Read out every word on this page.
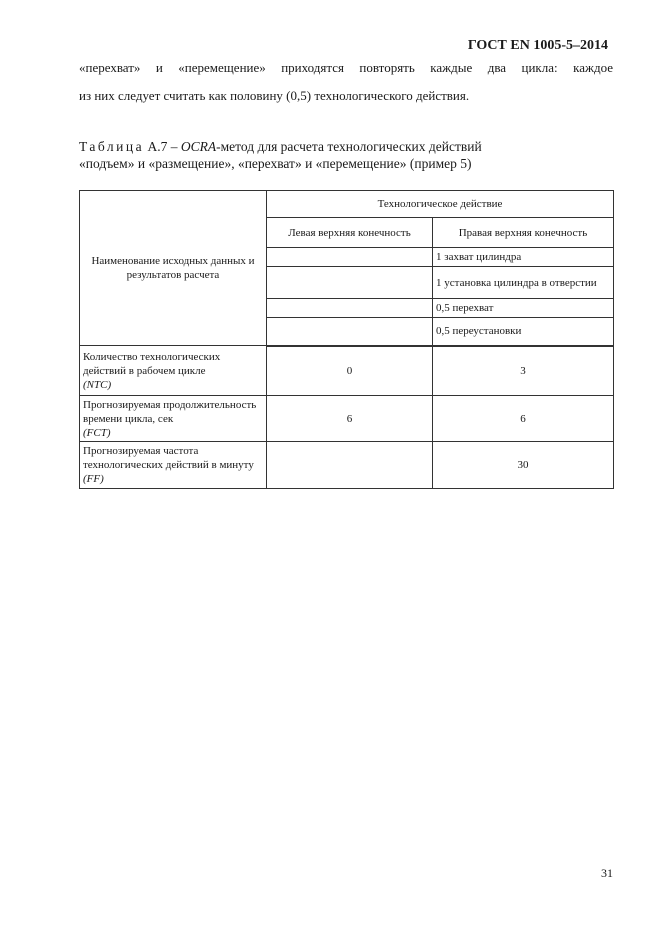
ГОСТ EN 1005-5–2014
«перехват» и «перемещение» приходятся повторять каждые два цикла: каждое
из них следует считать как половину (0,5) технологического действия.
Таблица А.7 – OCRA-метод для расчета технологических действий
«подъем» и «размещение», «перехват» и «перемещение» (пример 5)
Наименование исходных данных и результатов расчета	Технологическое действие	
	Левая верхняя конечность	Правая верхняя конечность
		1 захват цилиндра
		1 установка цилиндра в отверстии
		0,5 перехват
		0,5 переустановки
Количество технологических действий в рабочем цикле
(NTC)	0	3
Прогнозируемая продолжительность времени цикла, сек
(FCT)	6	6
Прогнозируемая частота технологических действий в минуту (FF)		30
31
